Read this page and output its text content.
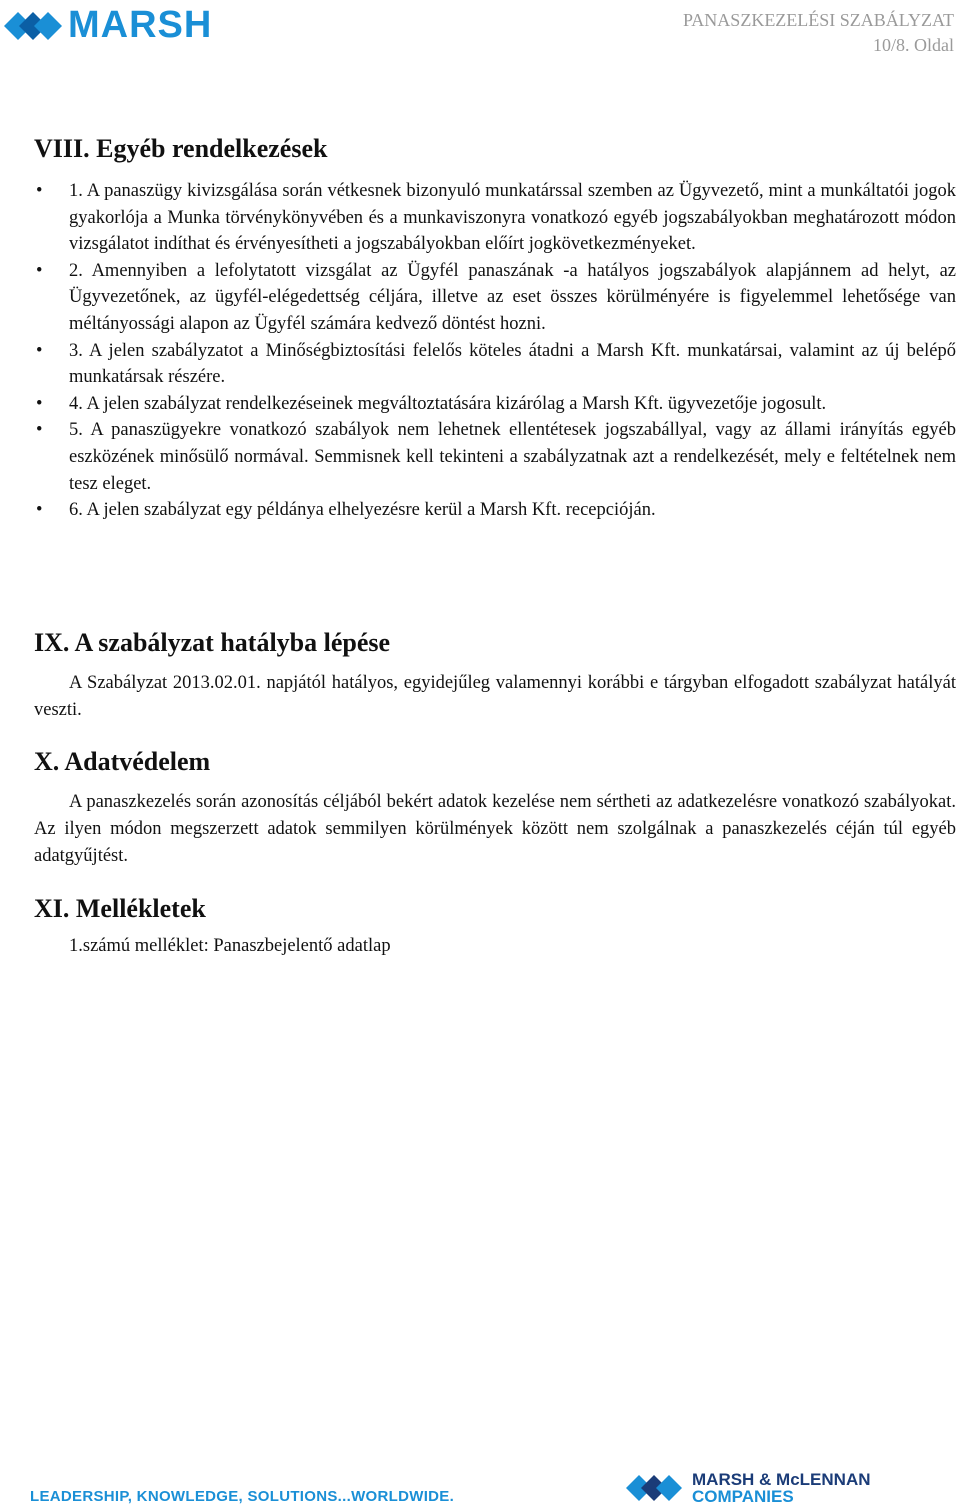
MARSH	PANASZKEZELÉSI SZABÁLYZAT
10/8. Oldal
VIII. Egyéb rendelkezések
• 1. A panaszügy kivizsgálása során vétkesnek bizonyuló munkatárssal szemben az Ügyvezető, mint a munkáltatói jogok gyakorlója a Munka törvénykönyvében és a munkaviszonyra vonatkozó egyéb jogszabályokban meghatározott módon vizsgálatot indíthat és érvényesítheti a jogszabályokban előírt jogkövetkezményeket.
• 2. Amennyiben a lefolytatott vizsgálat az Ügyfél panaszának -a hatályos jogszabályok alapjánnem ad helyt, az Ügyvezetőnek, az ügyfél-elégedettség céljára, illetve az eset összes körülményére is figyelemmel lehetősége van méltányossági alapon az Ügyfél számára kedvező döntést hozni.
• 3. A jelen szabályzatot a Minőségbiztosítási felelős köteles átadni a Marsh Kft. munkatársai, valamint az új belépő munkatársak részére.
• 4. A jelen szabályzat rendelkezéseinek megváltoztatására kizárólag a Marsh Kft. ügyvezetője jogosult.
• 5. A panaszügyekre vonatkozó szabályok nem lehetnek ellentétesek jogszabállyal, vagy az állami irányítás egyéb eszközének minősülő normával. Semmisnek kell tekinteni a szabályzatnak azt a rendelkezését, mely e feltételnek nem tesz eleget.
• 6. A jelen szabályzat egy példánya elhelyezésre kerül a Marsh Kft. recepcióján.
IX. A szabályzat hatályba lépése

A Szabályzat 2013.02.01. napjától hatályos, egyidejűleg valamennyi korábbi e tárgyban elfogadott szabályzat hatályát veszti.

X. Adatvédelem

A panaszkezelés során azonosítás céljából bekért adatok kezelése nem sértheti az adatkezelésre vonatkozó szabályokat. Az ilyen módon megszerzett adatok semmilyen körülmények között nem szolgálnak a panaszkezelés céján túl egyéb adatgyűjtést.

XI. Mellékletek
1.számú melléklet: Panaszbejelentő adatlap
LEADERSHIP, KNOWLEDGE, SOLUTIONS...WORLDWIDE.
MARSH & McLENNAN
COMPANIES
